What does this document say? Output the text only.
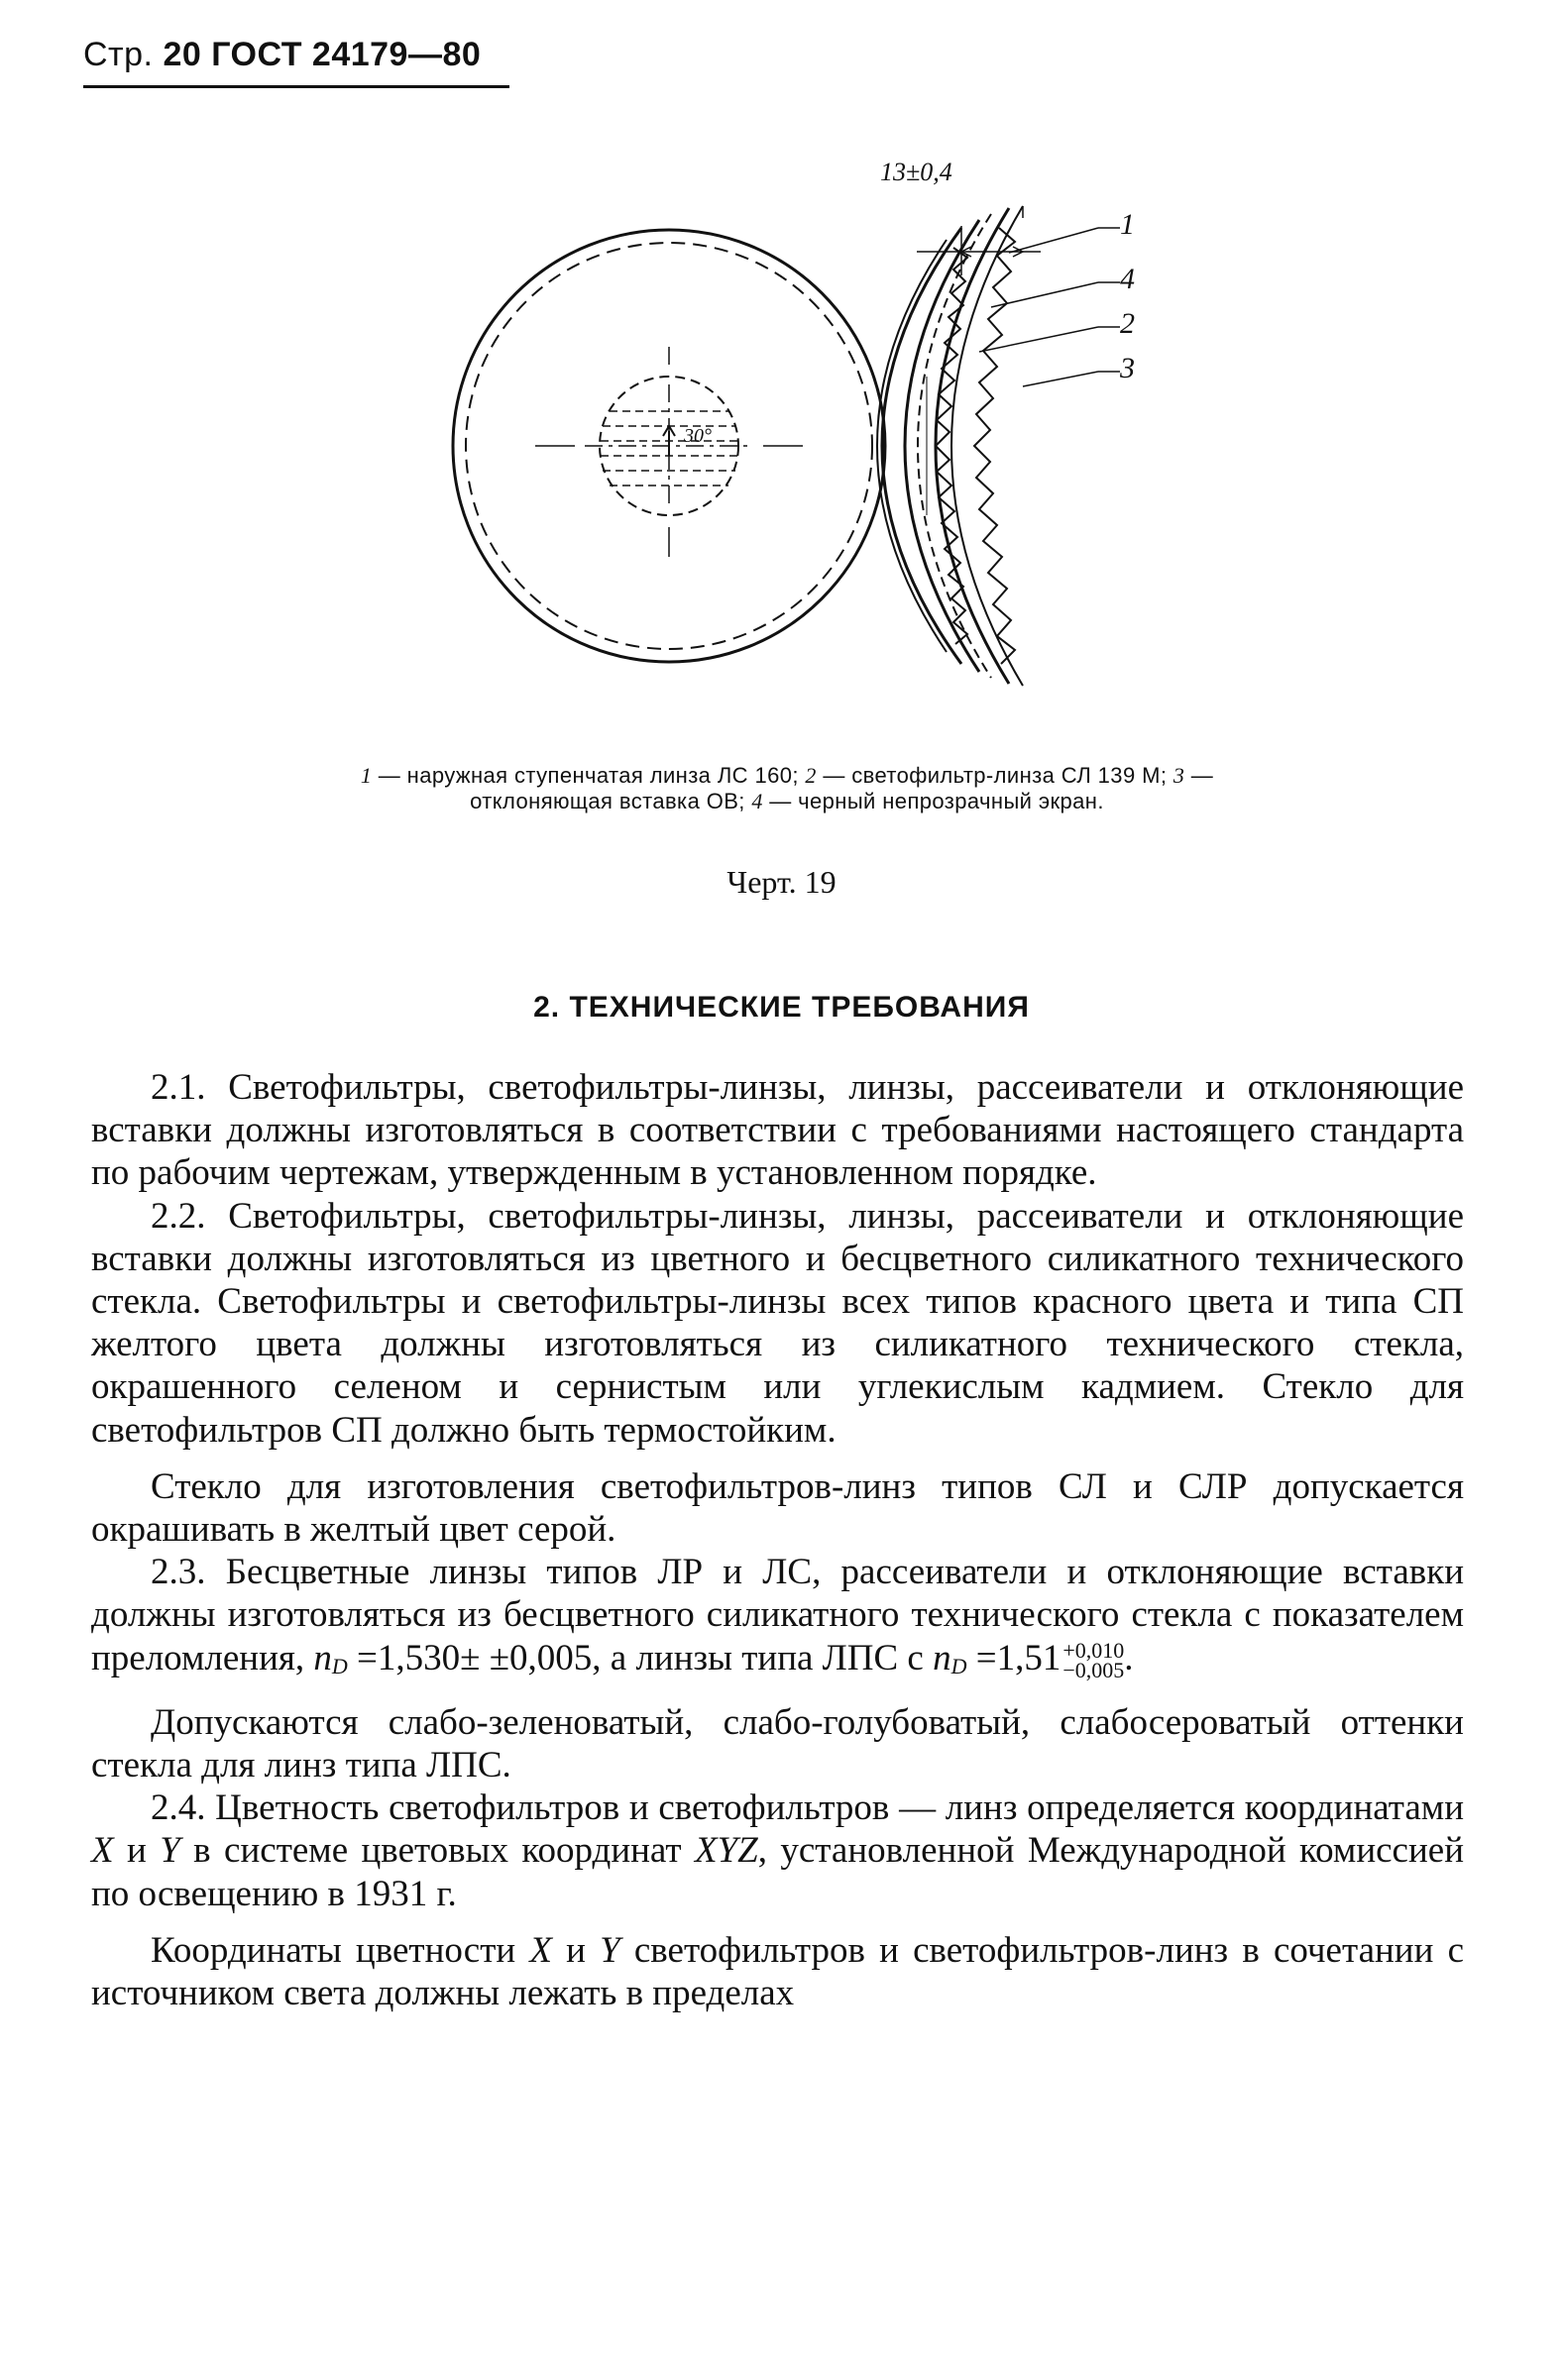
Стр. 20 ГОСТ 24179—80
30°
13±0,4
1
4
2
3
1 — наружная ступенчатая линза ЛС 160; 2 — светофильтр-линза СЛ 139 М; 3 — отклоняющая вставка ОВ; 4 — черный непрозрачный экран.
Черт. 19
2. ТЕХНИЧЕСКИЕ ТРЕБОВАНИЯ

2.1. Светофильтры, светофильтры-линзы, линзы, рассеиватели и отклоняющие вставки должны изготовляться в соответствии с требованиями настоящего стандарта по рабочим чертежам, утвержденным в установленном порядке.

2.2. Светофильтры, светофильтры-линзы, линзы, рассеиватели и отклоняющие вставки должны изготовляться из цветного и бесцветного силикатного технического стекла. Светофильтры и светофильтры-линзы всех типов красного цвета и типа СП желтого цвета должны изготовляться из силикатного технического стекла, окрашенного селеном и сернистым или углекислым кадмием. Стекло для светофильтров СП должно быть термостойким.

Стекло для изготовления светофильтров-линз типов СЛ и СЛР допускается окрашивать в желтый цвет серой.

2.3. Бесцветные линзы типов ЛР и ЛС, рассеиватели и отклоняющие вставки должны изготовляться из бесцветного силикатного технического стекла с показателем преломления, nD =1,530± ±0,005, а линзы типа ЛПС с nD =1,51 +0,010
−0,005 .

Допускаются слабо-зеленоватый, слабо-голубоватый, слабосероватый оттенки стекла для линз типа ЛПС.

2.4. Цветность светофильтров и светофильтров — линз определяется координатами X и Y в системе цветовых координат XYZ, установленной Международной комиссией по освещению в 1931 г.

Координаты цветности X и Y светофильтров и светофильтров-линз в сочетании с источником света должны лежать в пределах
